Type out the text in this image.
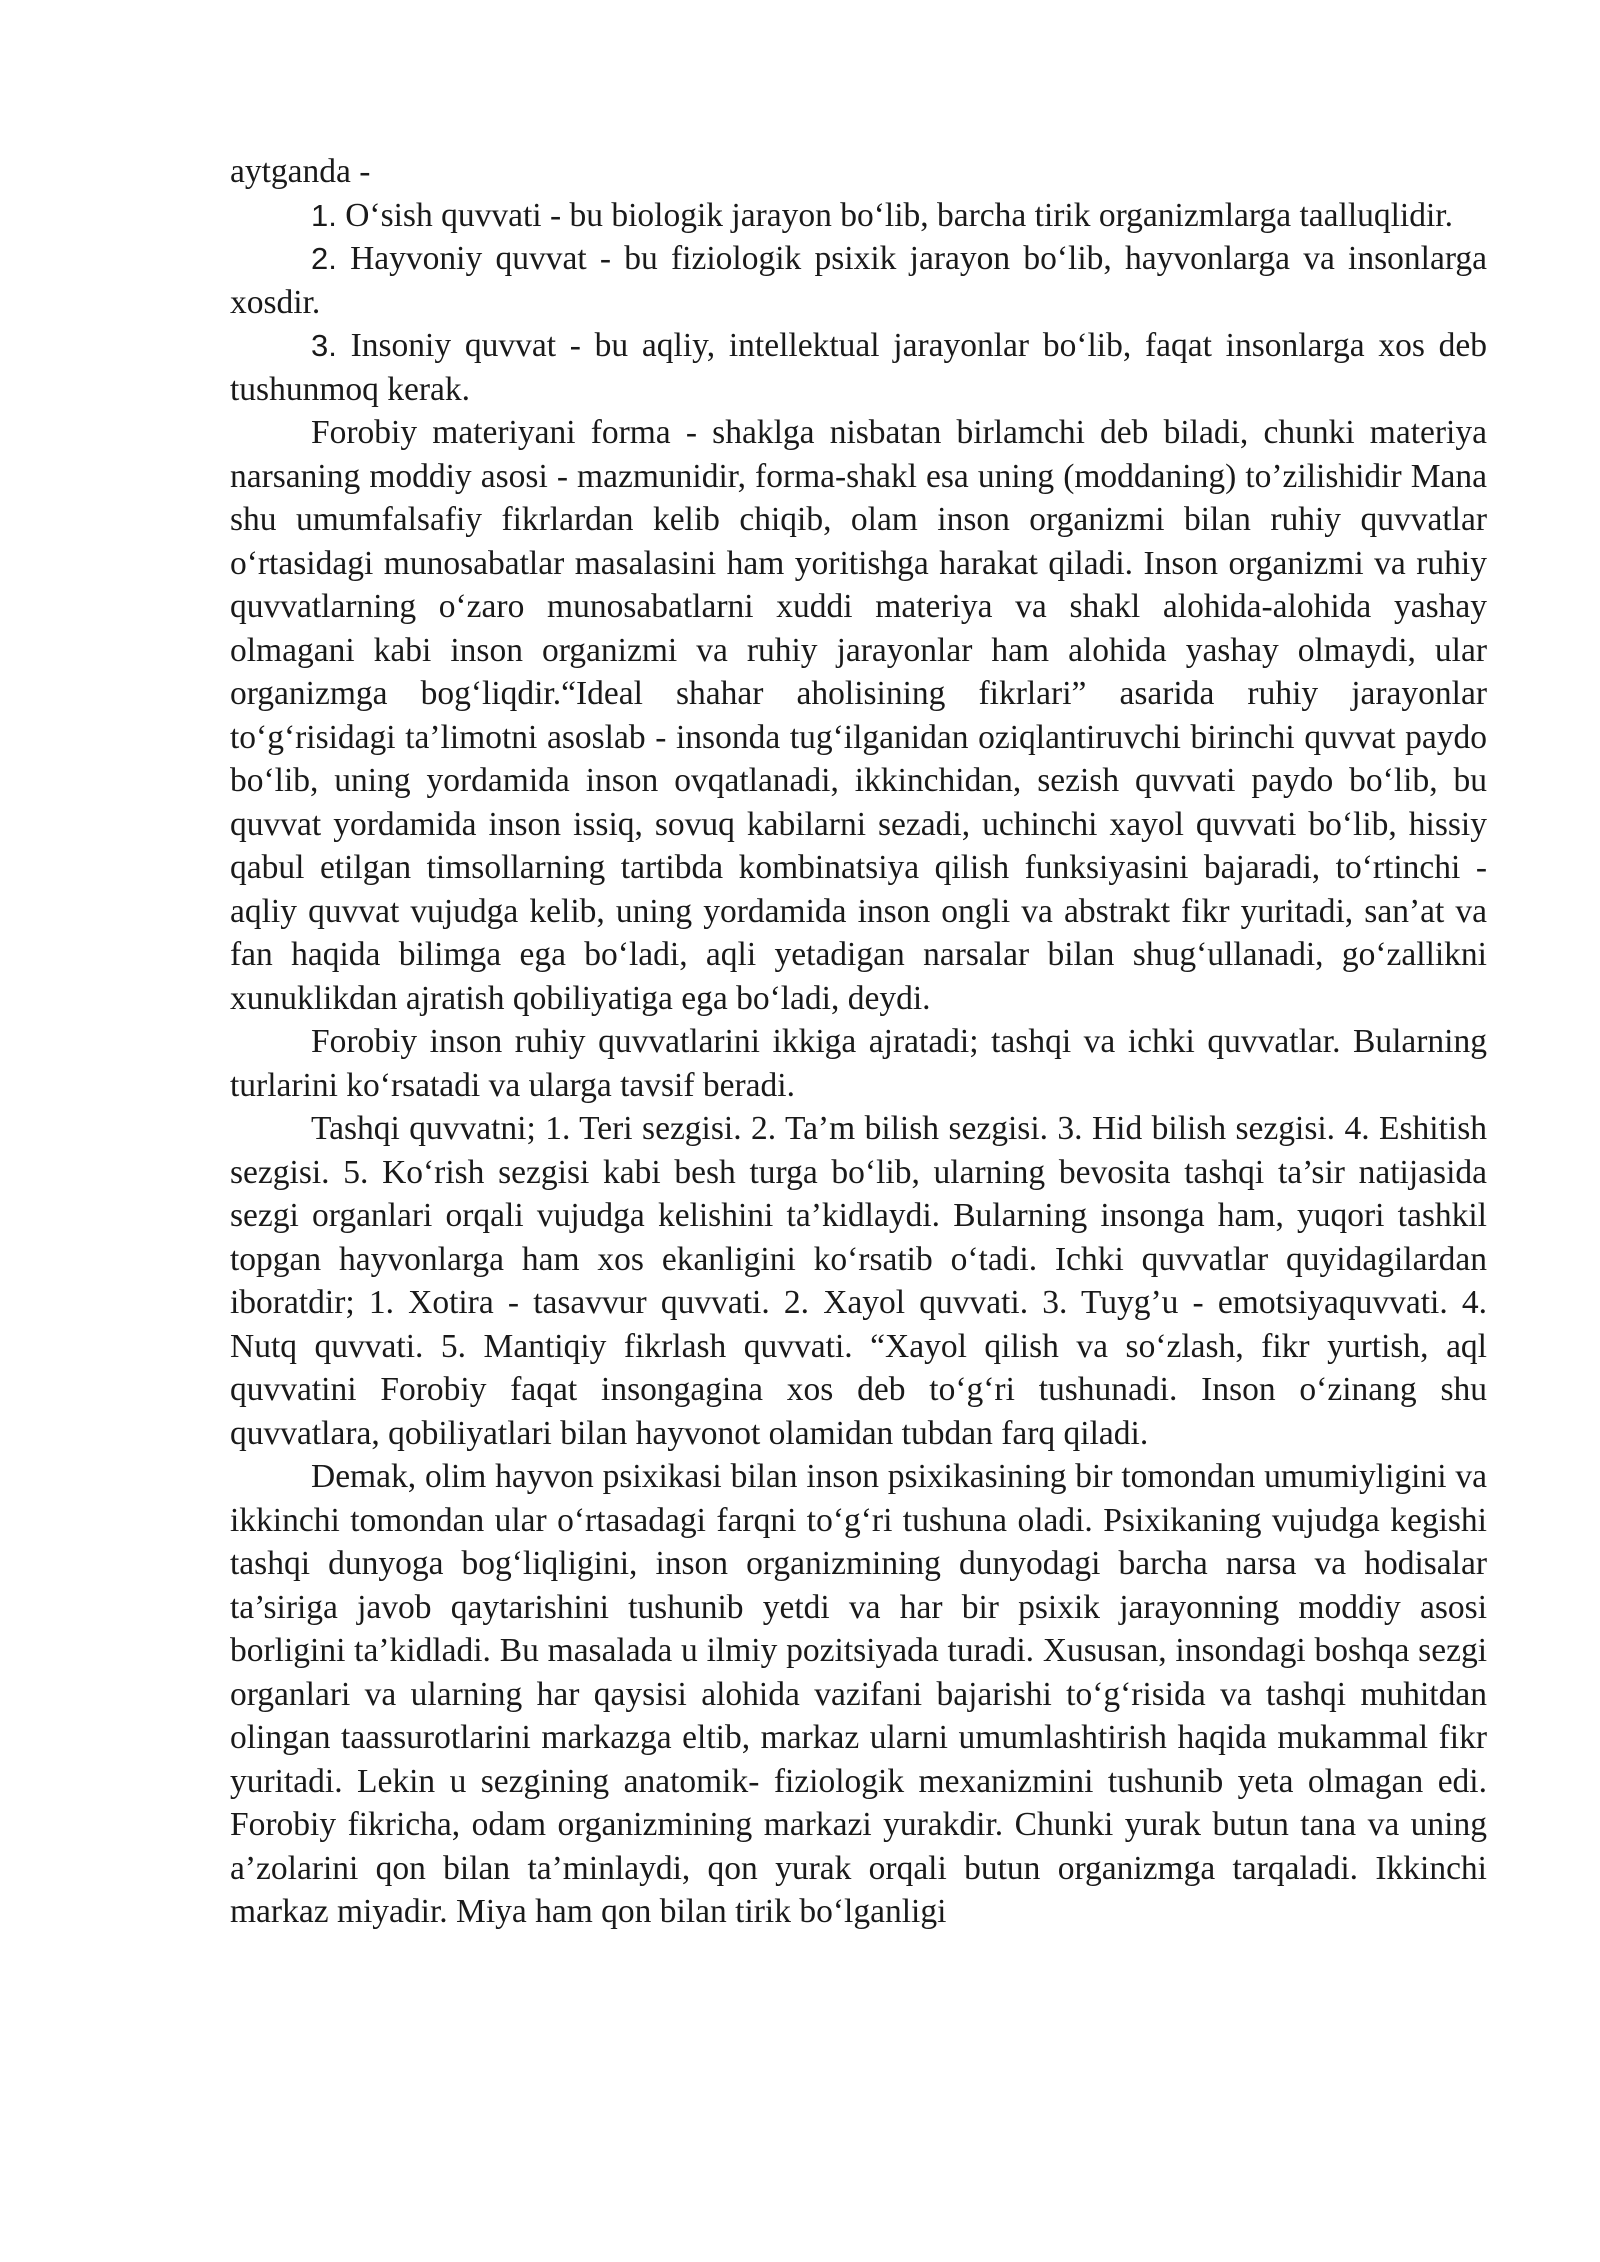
aytganda -

1. O‘sish quvvati - bu biologik jarayon bo‘lib, barcha tirik organizmlarga taalluqlidir.

2. Hayvoniy quvvat - bu fiziologik psixik jarayon bo‘lib, hayvonlarga va insonlarga xosdir.

3. Insoniy quvvat - bu aqliy, intellektual jarayonlar bo‘lib, faqat insonlarga xos deb tushunmoq kerak.

Forobiy materiyani forma - shaklga nisbatan birlamchi deb biladi, chunki materiya narsaning moddiy asosi - mazmunidir, forma-shakl esa uning (moddaning) to’zilishidir Mana shu umumfalsafiy fikrlardan kelib chiqib, olam inson organizmi bilan ruhiy quvvatlar o‘rtasidagi munosabatlar masalasini ham yoritishga harakat qiladi. Inson organizmi va ruhiy quvvatlarning o‘zaro munosabatlarni xuddi materiya va shakl alohida-alohida yashay olmagani kabi inson organizmi va ruhiy jarayonlar ham alohida yashay olmaydi, ular organizmga bog‘liqdir.“Ideal shahar aholisining fikrlari” asarida ruhiy jarayonlar to‘g‘risidagi ta’limotni asoslab - insonda tug‘ilganidan oziqlantiruvchi birinchi quvvat paydo bo‘lib, uning yordamida inson ovqatlanadi, ikkinchidan, sezish quvvati paydo bo‘lib, bu quvvat yordamida inson issiq, sovuq kabilarni sezadi, uchinchi xayol quvvati bo‘lib, hissiy qabul etilgan timsollarning tartibda kombinatsiya qilish funksiyasini bajaradi, to‘rtinchi - aqliy quvvat vujudga kelib, uning yordamida inson ongli va abstrakt fikr yuritadi, san’at va fan haqida bilimga ega bo‘ladi, aqli yetadigan narsalar bilan shug‘ullanadi, go‘zallikni xunuklikdan ajratish qobiliyatiga ega bo‘ladi, deydi.

Forobiy inson ruhiy quvvatlarini ikkiga ajratadi; tashqi va ichki quvvatlar. Bularning turlarini ko‘rsatadi va ularga tavsif beradi.

Tashqi quvvatni; 1. Teri sezgisi. 2. Ta’m bilish sezgisi. 3. Hid bilish sezgisi. 4. Eshitish sezgisi. 5. Ko‘rish sezgisi kabi besh turga bo‘lib, ularning bevosita tashqi ta’sir natijasida sezgi organlari orqali vujudga kelishini ta’kidlaydi. Bularning insonga ham, yuqori tashkil topgan hayvonlarga ham xos ekanligini ko‘rsatib o‘tadi. Ichki quvvatlar quyidagilardan iboratdir; 1. Xotira - tasavvur quvvati. 2. Xayol quvvati. 3. Tuyg’u - emotsiyaquvvati. 4. Nutq quvvati. 5. Mantiqiy fikrlash quvvati. “Xayol qilish va so‘zlash, fikr yurtish, aql quvvatini Forobiy faqat insongagina xos deb to‘g‘ri tushunadi. Inson o‘zinang shu quvvatlara, qobiliyatlari bilan hayvonot olamidan tubdan farq qiladi.

Demak, olim hayvon psixikasi bilan inson psixikasining bir tomondan umumiyligini va ikkinchi tomondan ular o‘rtasadagi farqni to‘g‘ri tushuna oladi. Psixikaning vujudga kegishi tashqi dunyoga bog‘liqligini, inson organizmining dunyodagi barcha narsa va hodisalar ta’siriga javob qaytarishini tushunib yetdi va har bir psixik jarayonning moddiy asosi borligini ta’kidladi. Bu masalada u ilmiy pozitsiyada turadi. Xususan, insondagi boshqa sezgi organlari va ularning har qaysisi alohida vazifani bajarishi to‘g‘risida va tashqi muhitdan olingan taassurotlarini markazga eltib, markaz ularni umumlashtirish haqida mukammal fikr yuritadi. Lekin u sezgining anatomik- fiziologik mexanizmini tushunib yeta olmagan edi. Forobiy fikricha, odam organizmining markazi yurakdir. Chunki yurak butun tana va uning a’zolarini qon bilan ta’minlaydi, qon yurak orqali butun organizmga tarqaladi. Ikkinchi markaz miyadir. Miya ham qon bilan tirik bo‘lganligi
